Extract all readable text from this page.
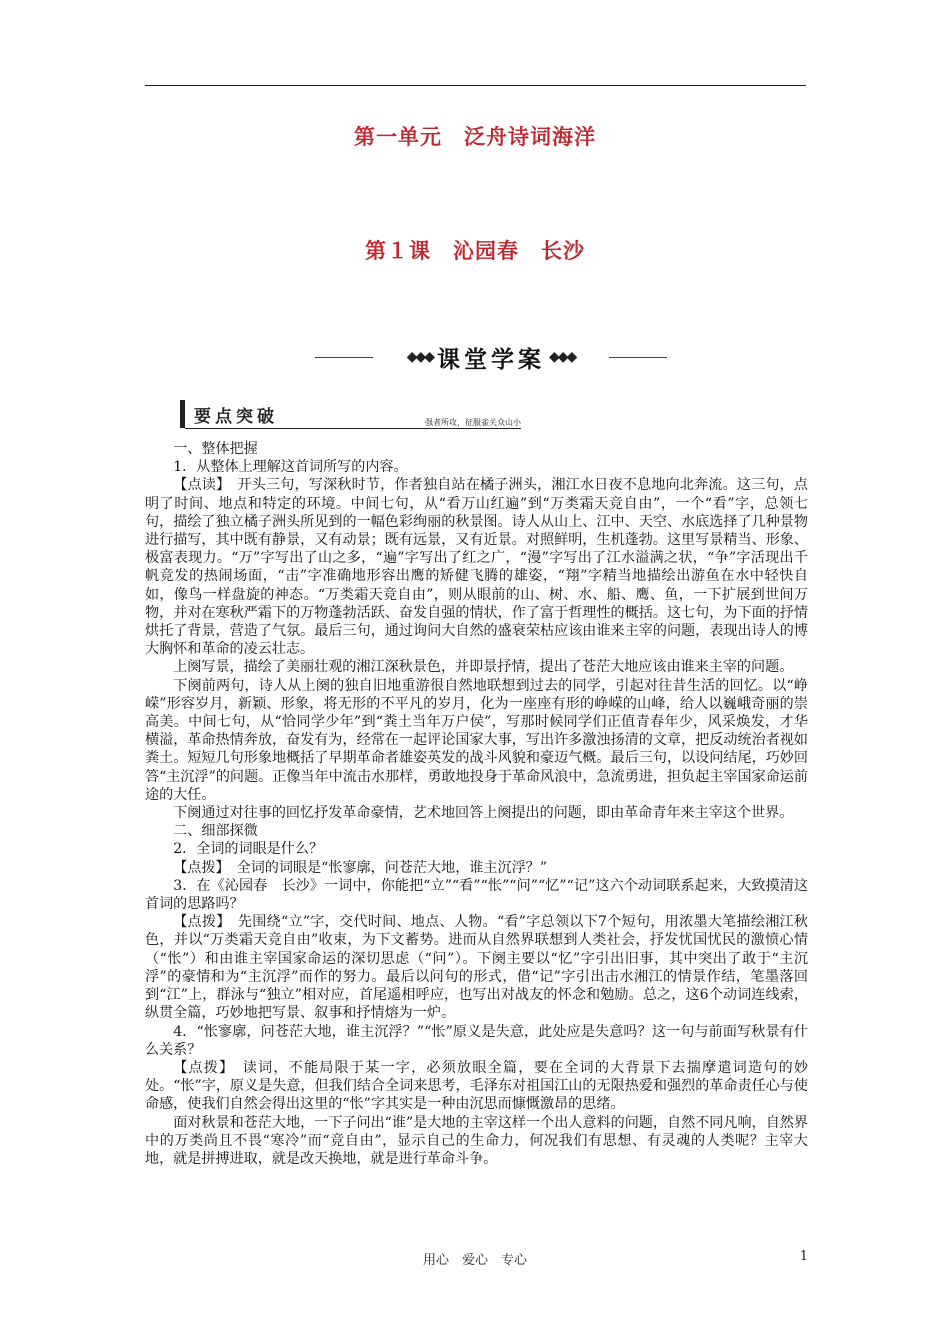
第一单元　泛舟诗词海洋
第１课　沁园春　长沙
◆◆◆ 课堂学案 ◆◆◆
要点突破	强者所攻，征服雀关众山小

一、整体把握

1．从整体上理解这首词所写的内容。

【点读】　开头三句，写深秋时节，作者独自站在橘子洲头，湘江水日夜不息地向北奔流。这三句，点明了时间、地点和特定的环境。中间七句，从“看万山红遍”到“万类霜天竞自由”，一个“看”字，总领七句，描绘了独立橘子洲头所见到的一幅色彩绚丽的秋景图。诗人从山上、江中、天空、水底选择了几种景物进行描写，其中既有静景，又有动景；既有远景，又有近景。对照鲜明，生机蓬勃。这里写景精当、形象、极富表现力。“万”字写出了山之多，“遍”字写出了红之广，“漫”字写出了江水溢满之状，“争”字活现出千帆竞发的热闹场面，“击”字准确地形容出鹰的矫健飞腾的雄姿，“翔”字精当地描绘出游鱼在水中轻快自如，像鸟一样盘旋的神态。“万类霜天竞自由”，则从眼前的山、树、水、船、鹰、鱼，一下扩展到世间万物，并对在寒秋严霜下的万物蓬勃活跃、奋发自强的情状，作了富于哲理性的概括。这七句，为下面的抒情烘托了背景，营造了气氛。最后三句，通过询问大自然的盛衰荣枯应该由谁来主宰的问题，表现出诗人的博大胸怀和革命的凌云壮志。

上阕写景，描绘了美丽壮观的湘江深秋景色，并即景抒情，提出了苍茫大地应该由谁来主宰的问题。

下阕前两句，诗人从上阕的独自旧地重游很自然地联想到过去的同学，引起对往昔生活的回忆。以“峥嵘”形容岁月，新颖、形象，将无形的不平凡的岁月，化为一座座有形的峥嵘的山峰，给人以巍峨奇丽的崇高美。中间七句，从“恰同学少年”到“粪土当年万户侯”，写那时候同学们正值青春年少，风采焕发，才华横溢，革命热情奔放，奋发有为，经常在一起评论国家大事，写出许多激浊扬清的文章，把反动统治者视如粪土。短短几句形象地概括了早期革命者雄姿英发的战斗风貌和豪迈气概。最后三句，以设问结尾，巧妙回答“主沉浮”的问题。正像当年中流击水那样，勇敢地投身于革命风浪中，急流勇进，担负起主宰国家命运前途的大任。

下阕通过对往事的回忆抒发革命豪情，艺术地回答上阕提出的问题，即由革命青年来主宰这个世界。

二、细部探微

2．全词的词眼是什么？

【点拨】　全词的词眼是“怅寥廓，问苍茫大地，谁主沉浮？”

3．在《沁园春　长沙》一词中，你能把“立”“看”“怅”“问”“忆”“记”这六个动词联系起来，大致摸清这首词的思路吗？

【点拨】　先围绕“立”字，交代时间、地点、人物。“看”字总领以下7个短句，用浓墨大笔描绘湘江秋色，并以“万类霜天竞自由”收束，为下文蓄势。进而从自然界联想到人类社会，抒发忧国忧民的激愤心情（“怅”）和由谁主宰国家命运的深切思虑（“问”）。下阕主要以“忆”字引出旧事，其中突出了敢于“主沉浮”的豪情和为“主沉浮”而作的努力。最后以问句的形式，借“记”字引出击水湘江的情景作结，笔墨落回到“江”上，群泳与“独立”相对应，首尾遥相呼应，也写出对战友的怀念和勉励。总之，这6个动词连线索，纵贯全篇，巧妙地把写景、叙事和抒情熔为一炉。

4．“怅寥廓，问苍茫大地，谁主沉浮？”“怅”原义是失意，此处应是失意吗？这一句与前面写秋景有什么关系？

【点拨】　读词，不能局限于某一字，必须放眼全篇，要在全词的大背景下去揣摩遣词造句的妙处。“怅”字，原义是失意，但我们结合全词来思考，毛泽东对祖国江山的无限热爱和强烈的革命责任心与使命感，使我们自然会得出这里的“怅”字其实是一种由沉思而慷慨激昂的思绪。

面对秋景和苍茫大地，一下子问出“谁”是大地的主宰这样一个出人意料的问题，自然不同凡响，自然界中的万类尚且不畏“寒冷”而“竞自由”，显示自己的生命力，何况我们有思想、有灵魂的人类呢？主宰大地，就是拼搏进取，就是改天换地，就是进行革命斗争。

用心　爱心　专心	1
